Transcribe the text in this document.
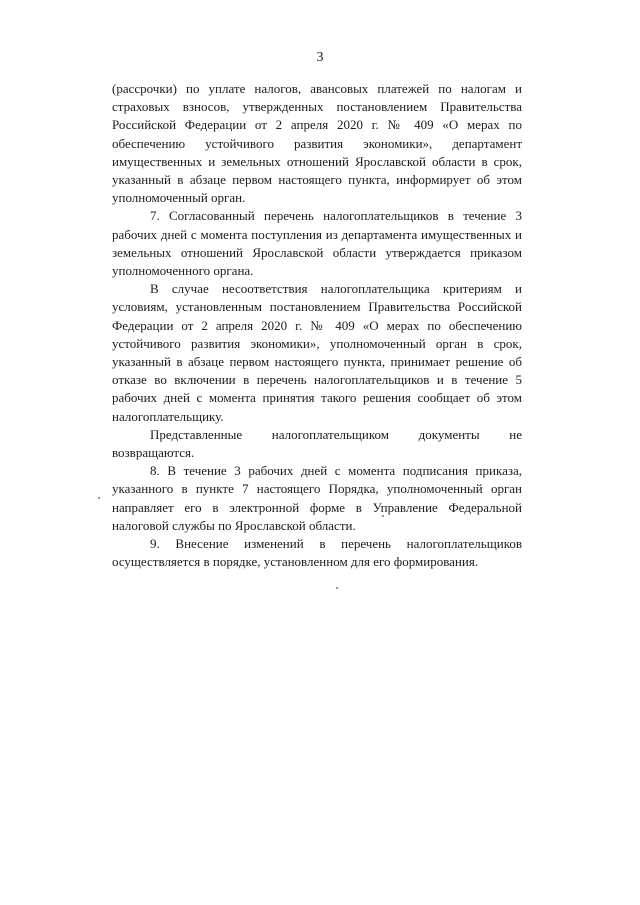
3

(рассрочки) по уплате налогов, авансовых платежей по налогам и страховых взносов, утвержденных постановлением Правительства Российской Федерации от 2 апреля 2020 г. № 409 «О мерах по обеспечению устойчивого развития экономики», департамент имущественных и земельных отношений Ярославской области в срок, указанный в абзаце первом настоящего пункта, информирует об этом уполномоченный орган.

7. Согласованный перечень налогоплательщиков в течение 3 рабочих дней с момента поступления из департамента имущественных и земельных отношений Ярославской области утверждается приказом уполномоченного органа.

В случае несоответствия налогоплательщика критериям и условиям, установленным постановлением Правительства Российской Федерации от 2 апреля 2020 г. № 409 «О мерах по обеспечению устойчивого развития экономики», уполномоченный орган в срок, указанный в абзаце первом настоящего пункта, принимает решение об отказе во включении в перечень налогоплательщиков и в течение 5 рабочих дней с момента принятия такого решения сообщает об этом налогоплательщику.

Представленные налогоплательщиком документы не возвращаются.

8. В течение 3 рабочих дней с момента подписания приказа, указанного в пункте 7 настоящего Порядка, уполномоченный орган направляет его в электронной форме в Управление Федеральной налоговой службы по Ярославской области.

9. Внесение изменений в перечень налогоплательщиков осуществляется в порядке, установленном для его формирования.
